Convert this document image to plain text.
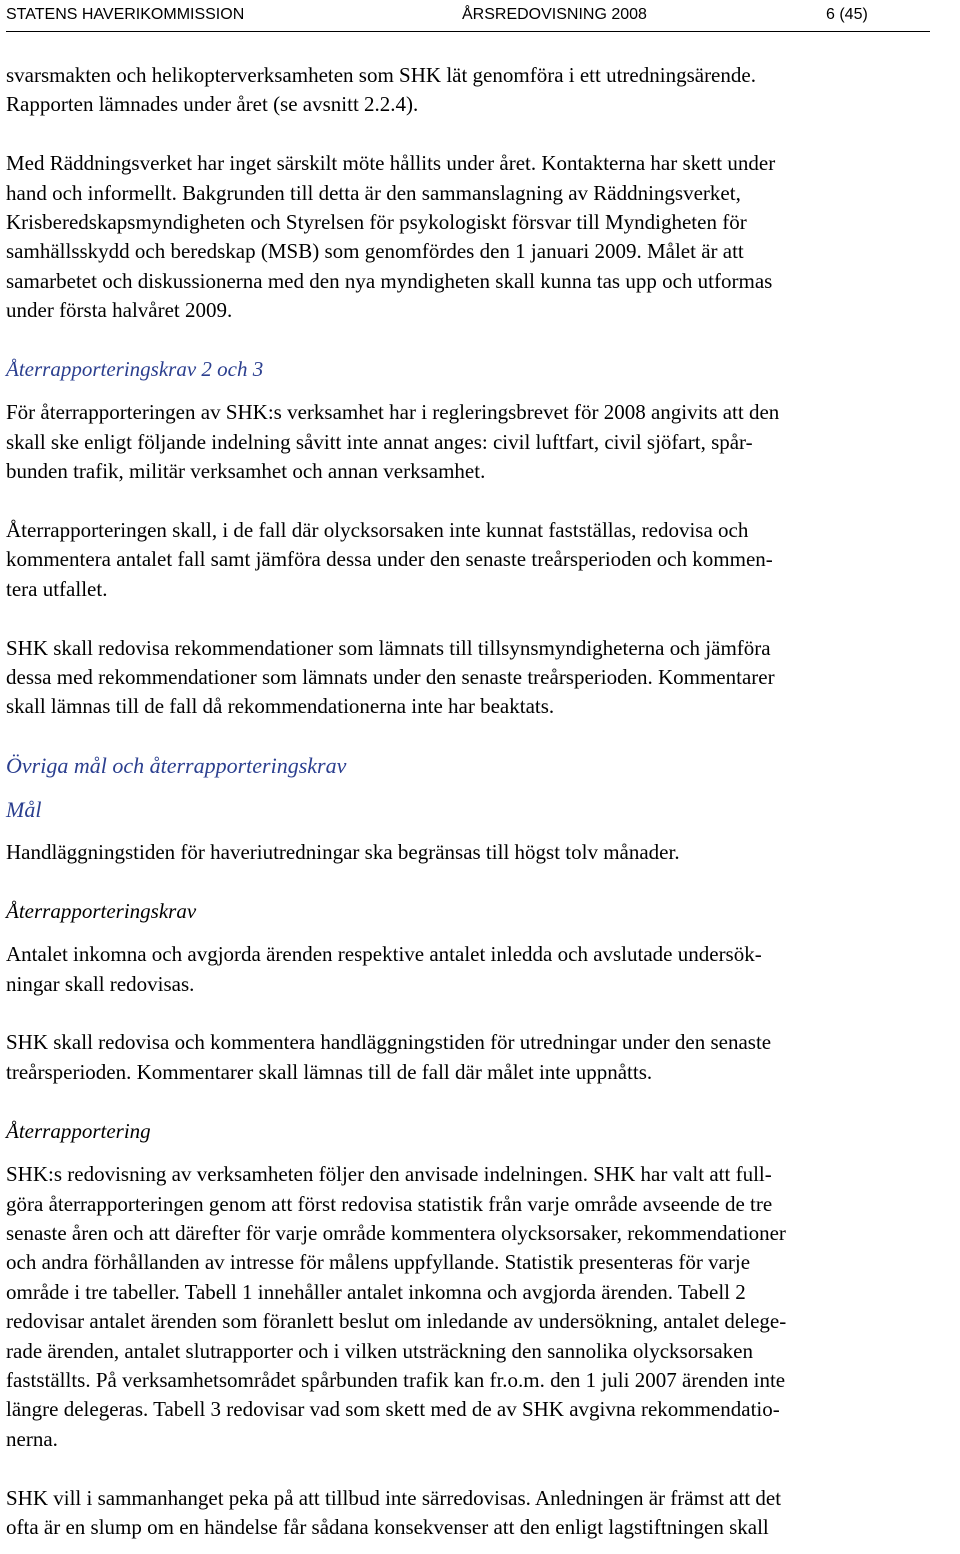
STATENS HAVERIKOMMISSION	ÅRSREDOVISNING 2008	6 (45)

svarsmakten och helikopterverksamheten som SHK lät genomföra i ett utredningsärende.

Rapporten lämnades under året (se avsnitt 2.2.4).

Med Räddningsverket har inget särskilt möte hållits under året. Kontakterna har skett under

hand och informellt. Bakgrunden till detta är den sammanslagning av Räddningsverket,

Krisberedskapsmyndigheten och Styrelsen för psykologiskt försvar till Myndigheten för

samhällsskydd och beredskap (MSB) som genomfördes den 1 januari 2009. Målet är att

samarbetet och diskussionerna med den nya myndigheten skall kunna tas upp och utformas

under första halvåret 2009.

Återrapporteringskrav 2 och 3

För återrapporteringen av SHK:s verksamhet har i regleringsbrevet för 2008 angivits att den

skall ske enligt följande indelning såvitt inte annat anges: civil luftfart, civil sjöfart, spår-

bunden trafik, militär verksamhet och annan verksamhet.

Återrapporteringen skall, i de fall där olycksorsaken inte kunnat fastställas, redovisa och

kommentera antalet fall samt jämföra dessa under den senaste treårsperioden och kommen-

tera utfallet.

SHK skall redovisa rekommendationer som lämnats till tillsynsmyndigheterna och jämföra

dessa med rekommendationer som lämnats under den senaste treårsperioden. Kommentarer

skall lämnas till de fall då rekommendationerna inte har beaktats.

Övriga mål och återrapporteringskrav

Mål

Handläggningstiden för haveriutredningar ska begränsas till högst tolv månader.

Återrapporteringskrav

Antalet inkomna och avgjorda ärenden respektive antalet inledda och avslutade undersök-

ningar skall redovisas.

SHK skall redovisa och kommentera handläggningstiden för utredningar under den senaste

treårsperioden. Kommentarer skall lämnas till de fall där målet inte uppnåtts.

Återrapportering

SHK:s redovisning av verksamheten följer den anvisade indelningen. SHK har valt att full-

göra återrapporteringen genom att först redovisa statistik från varje område avseende de tre

senaste åren och att därefter för varje område kommentera olycksorsaker, rekommendationer

och andra förhållanden av intresse för målens uppfyllande. Statistik presenteras för varje

område i tre tabeller. Tabell 1 innehåller antalet inkomna och avgjorda ärenden. Tabell 2

redovisar antalet ärenden som föranlett beslut om inledande av undersökning, antalet delege-

rade ärenden, antalet slutrapporter och i vilken utsträckning den sannolika olycksorsaken

fastställts. På verksamhetsområdet spårbunden trafik kan fr.o.m. den 1 juli 2007 ärenden inte

längre delegeras. Tabell 3 redovisar vad som skett med de av SHK avgivna rekommendatio-

nerna.

SHK vill i sammanhanget peka på att tillbud inte särredovisas. Anledningen är främst att det

ofta är en slump om en händelse får sådana konsekvenser att den enligt lagstiftningen skall
